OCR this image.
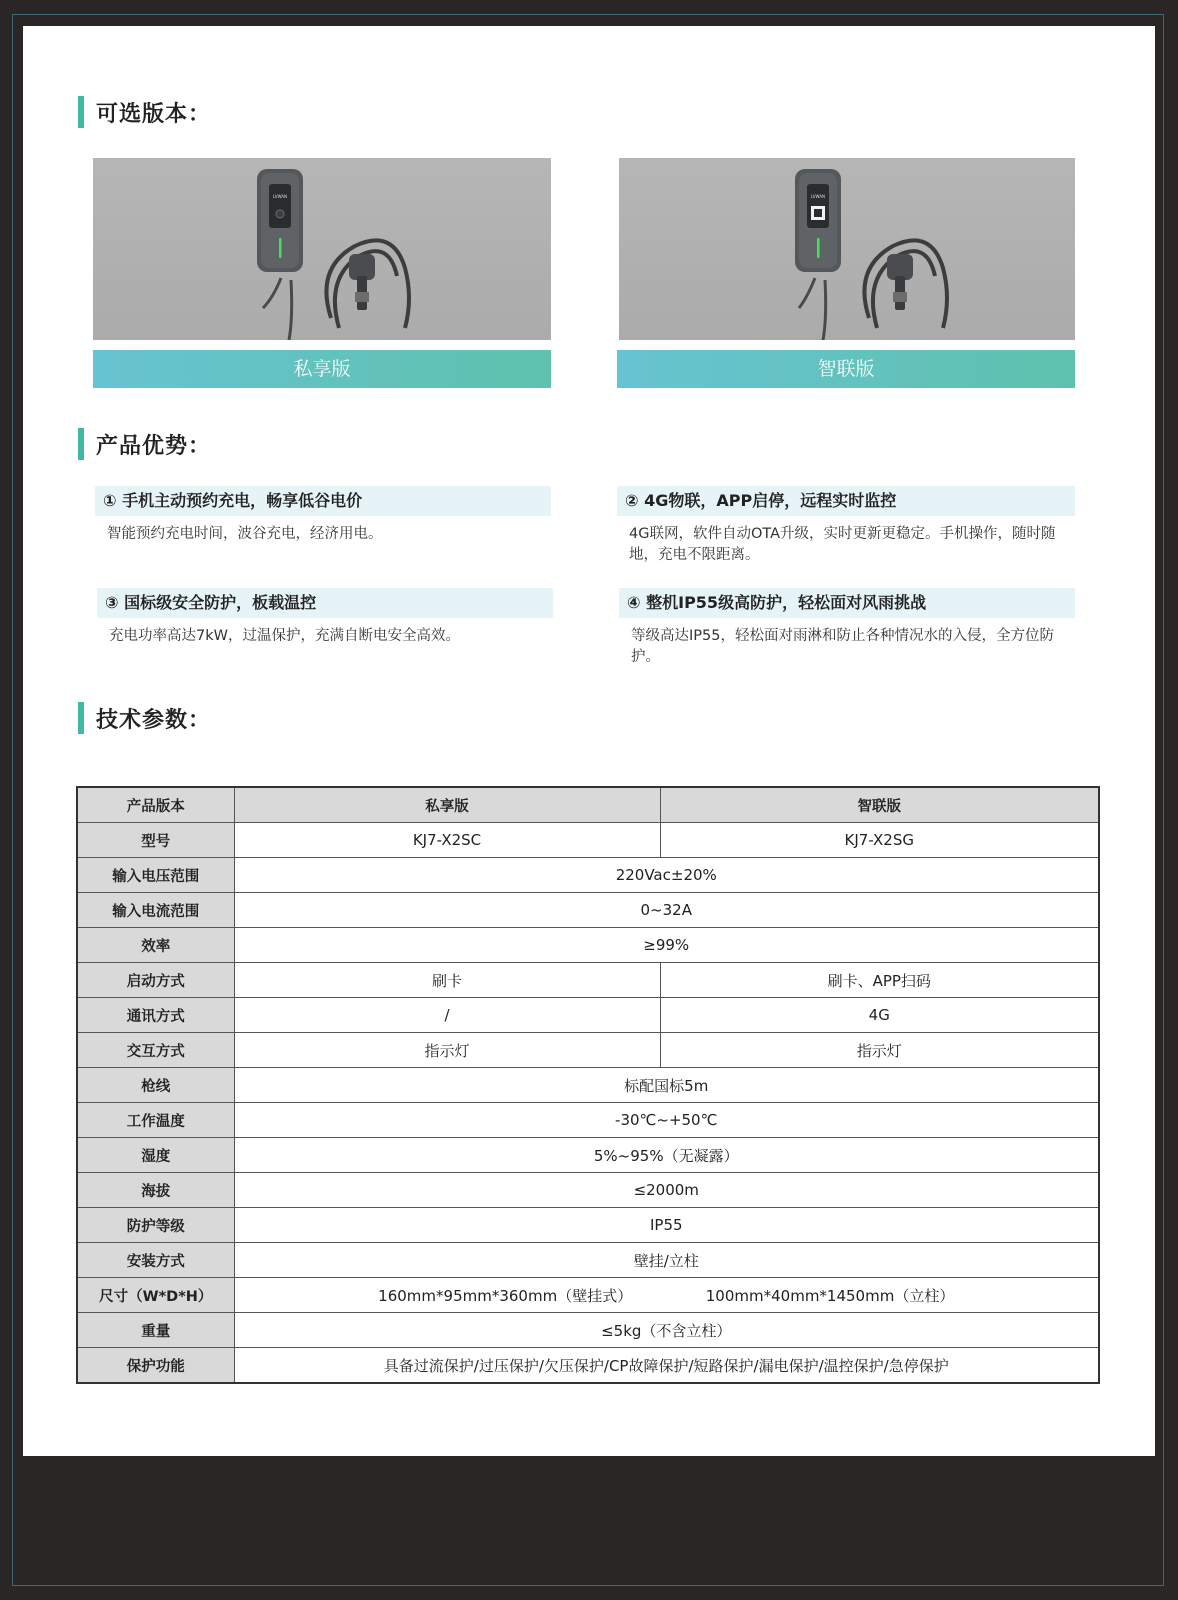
可选版本：
LVWAN
私享版
LVWAN
智联版
产品优势：
① 手机主动预约充电，畅享低谷电价
智能预约充电时间，波谷充电，经济用电。
② 4G物联，APP启停，远程实时监控
4G联网，软件自动OTA升级，实时更新更稳定。手机操作，随时随地，充电不限距离。
③ 国标级安全防护，板载温控
充电功率高达7kW，过温保护，充满自断电安全高效。
④ 整机IP55级高防护，轻松面对风雨挑战
等级高达IP55，轻松面对雨淋和防止各种情况水的入侵，全方位防护。
技术参数：
产品版本	私享版	智联版
型号	KJ7-X2SC	KJ7-X2SG
输入电压范围	220Vac±20%	
输入电流范围	0~32A	
效率	≥99%	
启动方式	刷卡	刷卡、APP扫码
通讯方式	/	4G
交互方式	指示灯	指示灯
枪线	标配国标5m	
工作温度	-30℃~+50℃	
湿度	5%~95%（无凝露）	
海拔	≤2000m	
防护等级	IP55	
安装方式	壁挂/立柱	
尺寸（W*D*H）	160mm*95mm*360mm（壁挂式） 100mm*40mm*1450mm（立柱）	
重量	≤5kg（不含立柱）	
保护功能	具备过流保护/过压保护/欠压保护/CP故障保护/短路保护/漏电保护/温控保护/急停保护	
